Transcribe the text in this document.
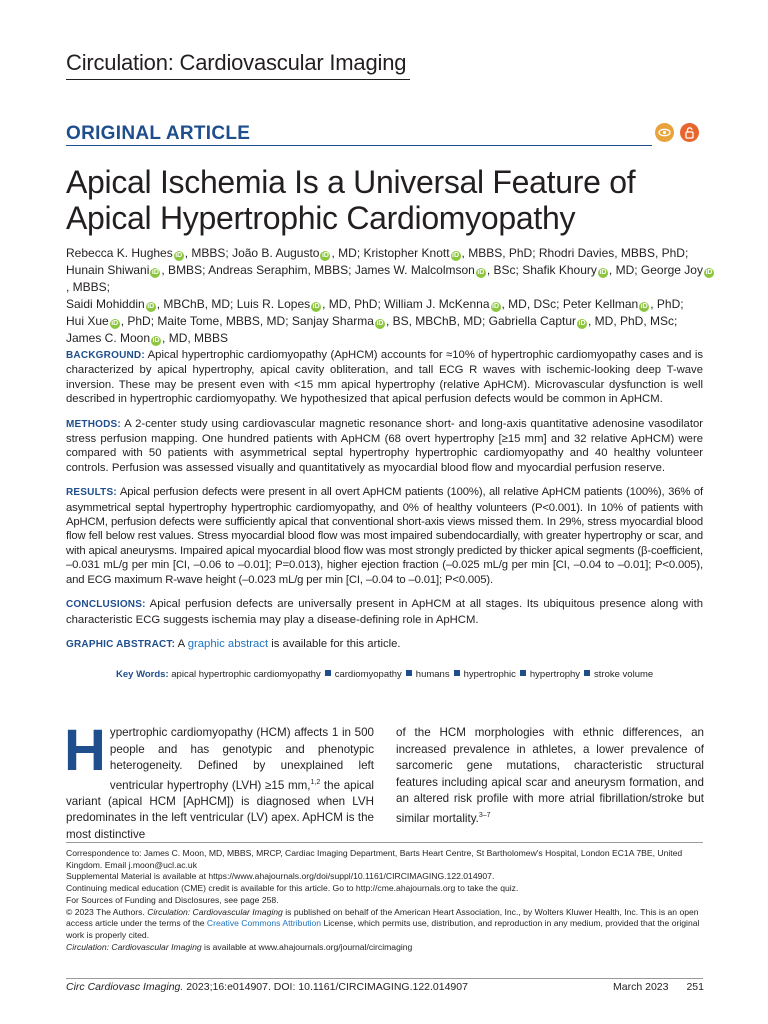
Circulation: Cardiovascular Imaging
ORIGINAL ARTICLE
Apical Ischemia Is a Universal Feature of Apical Hypertrophic Cardiomyopathy
Rebecca K. Hughes iD , MBBS; João B. Augusto iD , MD; Kristopher Knott iD , MBBS, PhD; Rhodri Davies, MBBS, PhD;
Hunain Shiwani iD , BMBS; Andreas Seraphim, MBBS; James W. Malcolmson iD , BSc; Shafik Khoury iD , MD; George Joy iD, MBBS;
Saidi Mohiddin iD , MBChB, MD; Luis R. Lopes iD , MD, PhD; William J. McKenna iD , MD, DSc; Peter Kellman iD , PhD;
Hui Xue iD , PhD; Maite Tome, MBBS, MD; Sanjay Sharma iD , BS, MBChB, MD; Gabriella Captur iD , MD, PhD, MSc;
James C. Moon iD , MD, MBBS

BACKGROUND: Apical hypertrophic cardiomyopathy (ApHCM) accounts for ≈10% of hypertrophic cardiomyopathy cases and is characterized by apical hypertrophy, apical cavity obliteration, and tall ECG R waves with ischemic-looking deep T-wave inversion. These may be present even with <15 mm apical hypertrophy (relative ApHCM). Microvascular dysfunction is well described in hypertrophic cardiomyopathy. We hypothesized that apical perfusion defects would be common in ApHCM.

METHODS: A 2-center study using cardiovascular magnetic resonance short- and long-axis quantitative adenosine vasodilator stress perfusion mapping. One hundred patients with ApHCM (68 overt hypertrophy [≥15 mm] and 32 relative ApHCM) were compared with 50 patients with asymmetrical septal hypertrophy hypertrophic cardiomyopathy and 40 healthy volunteer controls. Perfusion was assessed visually and quantitatively as myocardial blood flow and myocardial perfusion reserve.

RESULTS: Apical perfusion defects were present in all overt ApHCM patients (100%), all relative ApHCM patients (100%), 36% of asymmetrical septal hypertrophy hypertrophic cardiomyopathy, and 0% of healthy volunteers (P<0.001). In 10% of patients with ApHCM, perfusion defects were sufficiently apical that conventional short-axis views missed them. In 29%, stress myocardial blood flow fell below rest values. Stress myocardial blood flow was most impaired subendocardially, with greater hypertrophy or scar, and with apical aneurysms. Impaired apical myocardial blood flow was most strongly predicted by thicker apical segments (β-coefficient, –0.031 mL/g per min [CI, –0.06 to –0.01]; P=0.013), higher ejection fraction (–0.025 mL/g per min [CI, –0.04 to –0.01]; P<0.005), and ECG maximum R-wave height (–0.023 mL/g per min [CI, –0.04 to –0.01]; P<0.005).

CONCLUSIONS: Apical perfusion defects are universally present in ApHCM at all stages. Its ubiquitous presence along with characteristic ECG suggests ischemia may play a disease-defining role in ApHCM.

GRAPHIC ABSTRACT: A graphic abstract is available for this article.

Key Words: apical hypertrophic cardiomyopathy cardiomyopathy humans hypertrophic hypertrophy stroke volume
Hypertrophic cardiomyopathy (HCM) affects 1 in 500 people and has genotypic and phenotypic heterogeneity. Defined by unexplained left ventricular hypertrophy (LVH) ≥15 mm,$^{1,2}$ the apical variant (apical HCM [ApHCM]) is diagnosed when LVH predominates in the left ventricular (LV) apex. ApHCM is the most distinctive
of the HCM morphologies with ethnic differences, an increased prevalence in athletes, a lower prevalence of sarcomeric gene mutations, characteristic structural features including apical scar and aneurysm formation, and an altered risk profile with more atrial fibrillation/stroke but similar mortality.$^{3-7}$
Correspondence to: James C. Moon, MD, MBBS, MRCP, Cardiac Imaging Department, Barts Heart Centre, St Bartholomew's Hospital, London EC1A 7BE, United Kingdom. Email j.moon@ucl.ac.uk
Supplemental Material is available at https://www.ahajournals.org/doi/suppl/10.1161/CIRCIMAGING.122.014907.
Continuing medical education (CME) credit is available for this article. Go to http://cme.ahajournals.org to take the quiz.
For Sources of Funding and Disclosures, see page 258.
© 2023 The Authors. Circulation: Cardiovascular Imaging is published on behalf of the American Heart Association, Inc., by Wolters Kluwer Health, Inc. This is an open access article under the terms of the Creative Commons Attribution License, which permits use, distribution, and reproduction in any medium, provided that the original work is properly cited.
Circulation: Cardiovascular Imaging is available at www.ahajournals.org/journal/circimaging
Circ Cardiovasc Imaging. 2023;16:e014907. DOI: 10.1161/CIRCIMAGING.122.014907	March 2023 251
